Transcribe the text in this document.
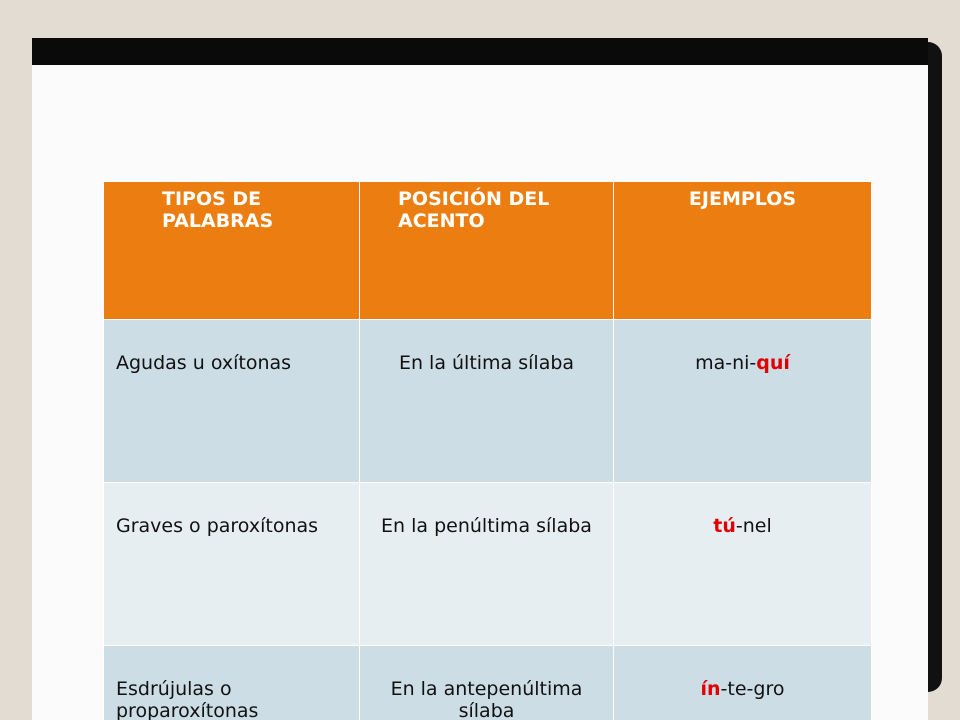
TIPOS DE PALABRAS	POSICIÓN DEL ACENTO	EJEMPLOS
Agudas u oxítonas	En la última sílaba	ma-ni-quí
Graves o paroxítonas	En la penúltima sílaba	tú-nel
Esdrújulas o proparoxítonas	En la antepenúltima sílaba	ín-te-gro
